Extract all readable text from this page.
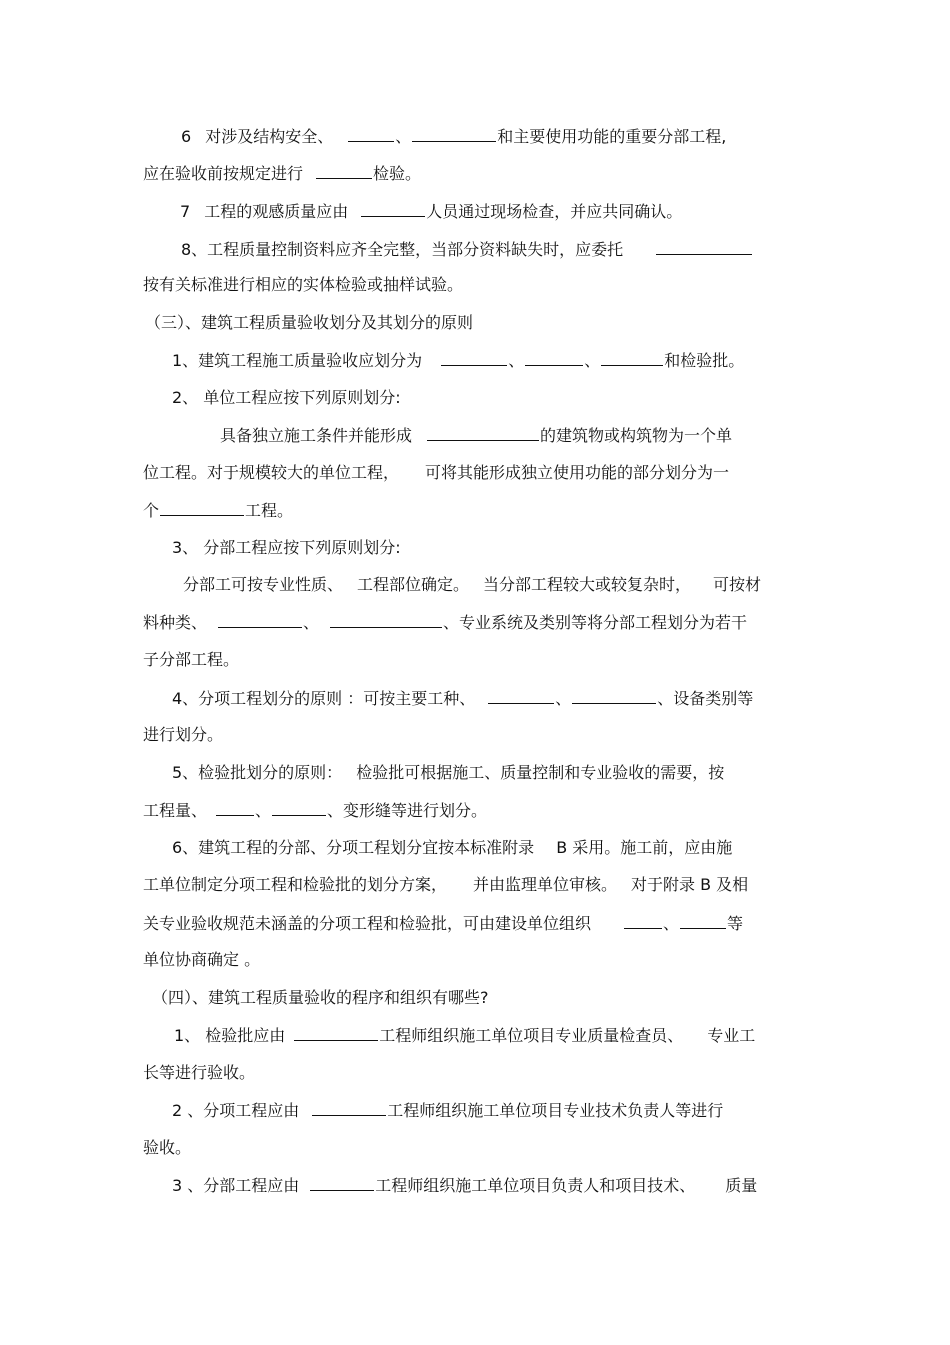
6 对涉及结构安全、	、	和主要使用功能的重要分部工程,
应在验收前按规定进行	检验。
7 工程的观感质量应由	人员通过现场检查，并应共同确认。
8、工程质量控制资料应齐全完整，当部分资料缺失时，应委托
按有关标准进行相应的实体检验或抽样试验。
（三）、建筑工程质量验收划分及其划分的原则
1、建筑工程施工质量验收应划分为	、	、	和检验批。
2、 单位工程应按下列原则划分:
具备独立施工条件并能形成	的建筑物或构筑物为一个单
位工程。对于规模较大的单位工程， 可将其能形成独立使用功能的部分划分为一
个	工程。
3、 分部工程应按下列原则划分:
分部工可按专业性质、 工程部位确定。 当分部工程较大或较复杂时， 可按材
料种类、	、	、专业系统及类别等将分部工程划分为若干
子分部工程。
4、分项工程划分的原则 ：可按主要工种、	、	、设备类别等
进行划分。
5、检验批划分的原则： 检验批可根据施工、质量控制和专业验收的需要，按
工程量、	、	、变形缝等进行划分。
6、建筑工程的分部、分项工程划分宜按本标准附录 B 采用。施工前，应由施
工单位制定分项工程和检验批的划分方案， 并由监理单位审核。 对于附录 B 及相
关专业验收规范未涵盖的分项工程和检验批，可由建设单位组织	、	等
单位协商确定 。
（四）、建筑工程质量验收的程序和组织有哪些?
1、 检验批应由	工程师组织施工单位项目专业质量检查员、 专业工
长等进行验收。
2 、分项工程应由	工程师组织施工单位项目专业技术负责人等进行
验收。
3 、分部工程应由	工程师组织施工单位项目负责人和项目技术、 质量
